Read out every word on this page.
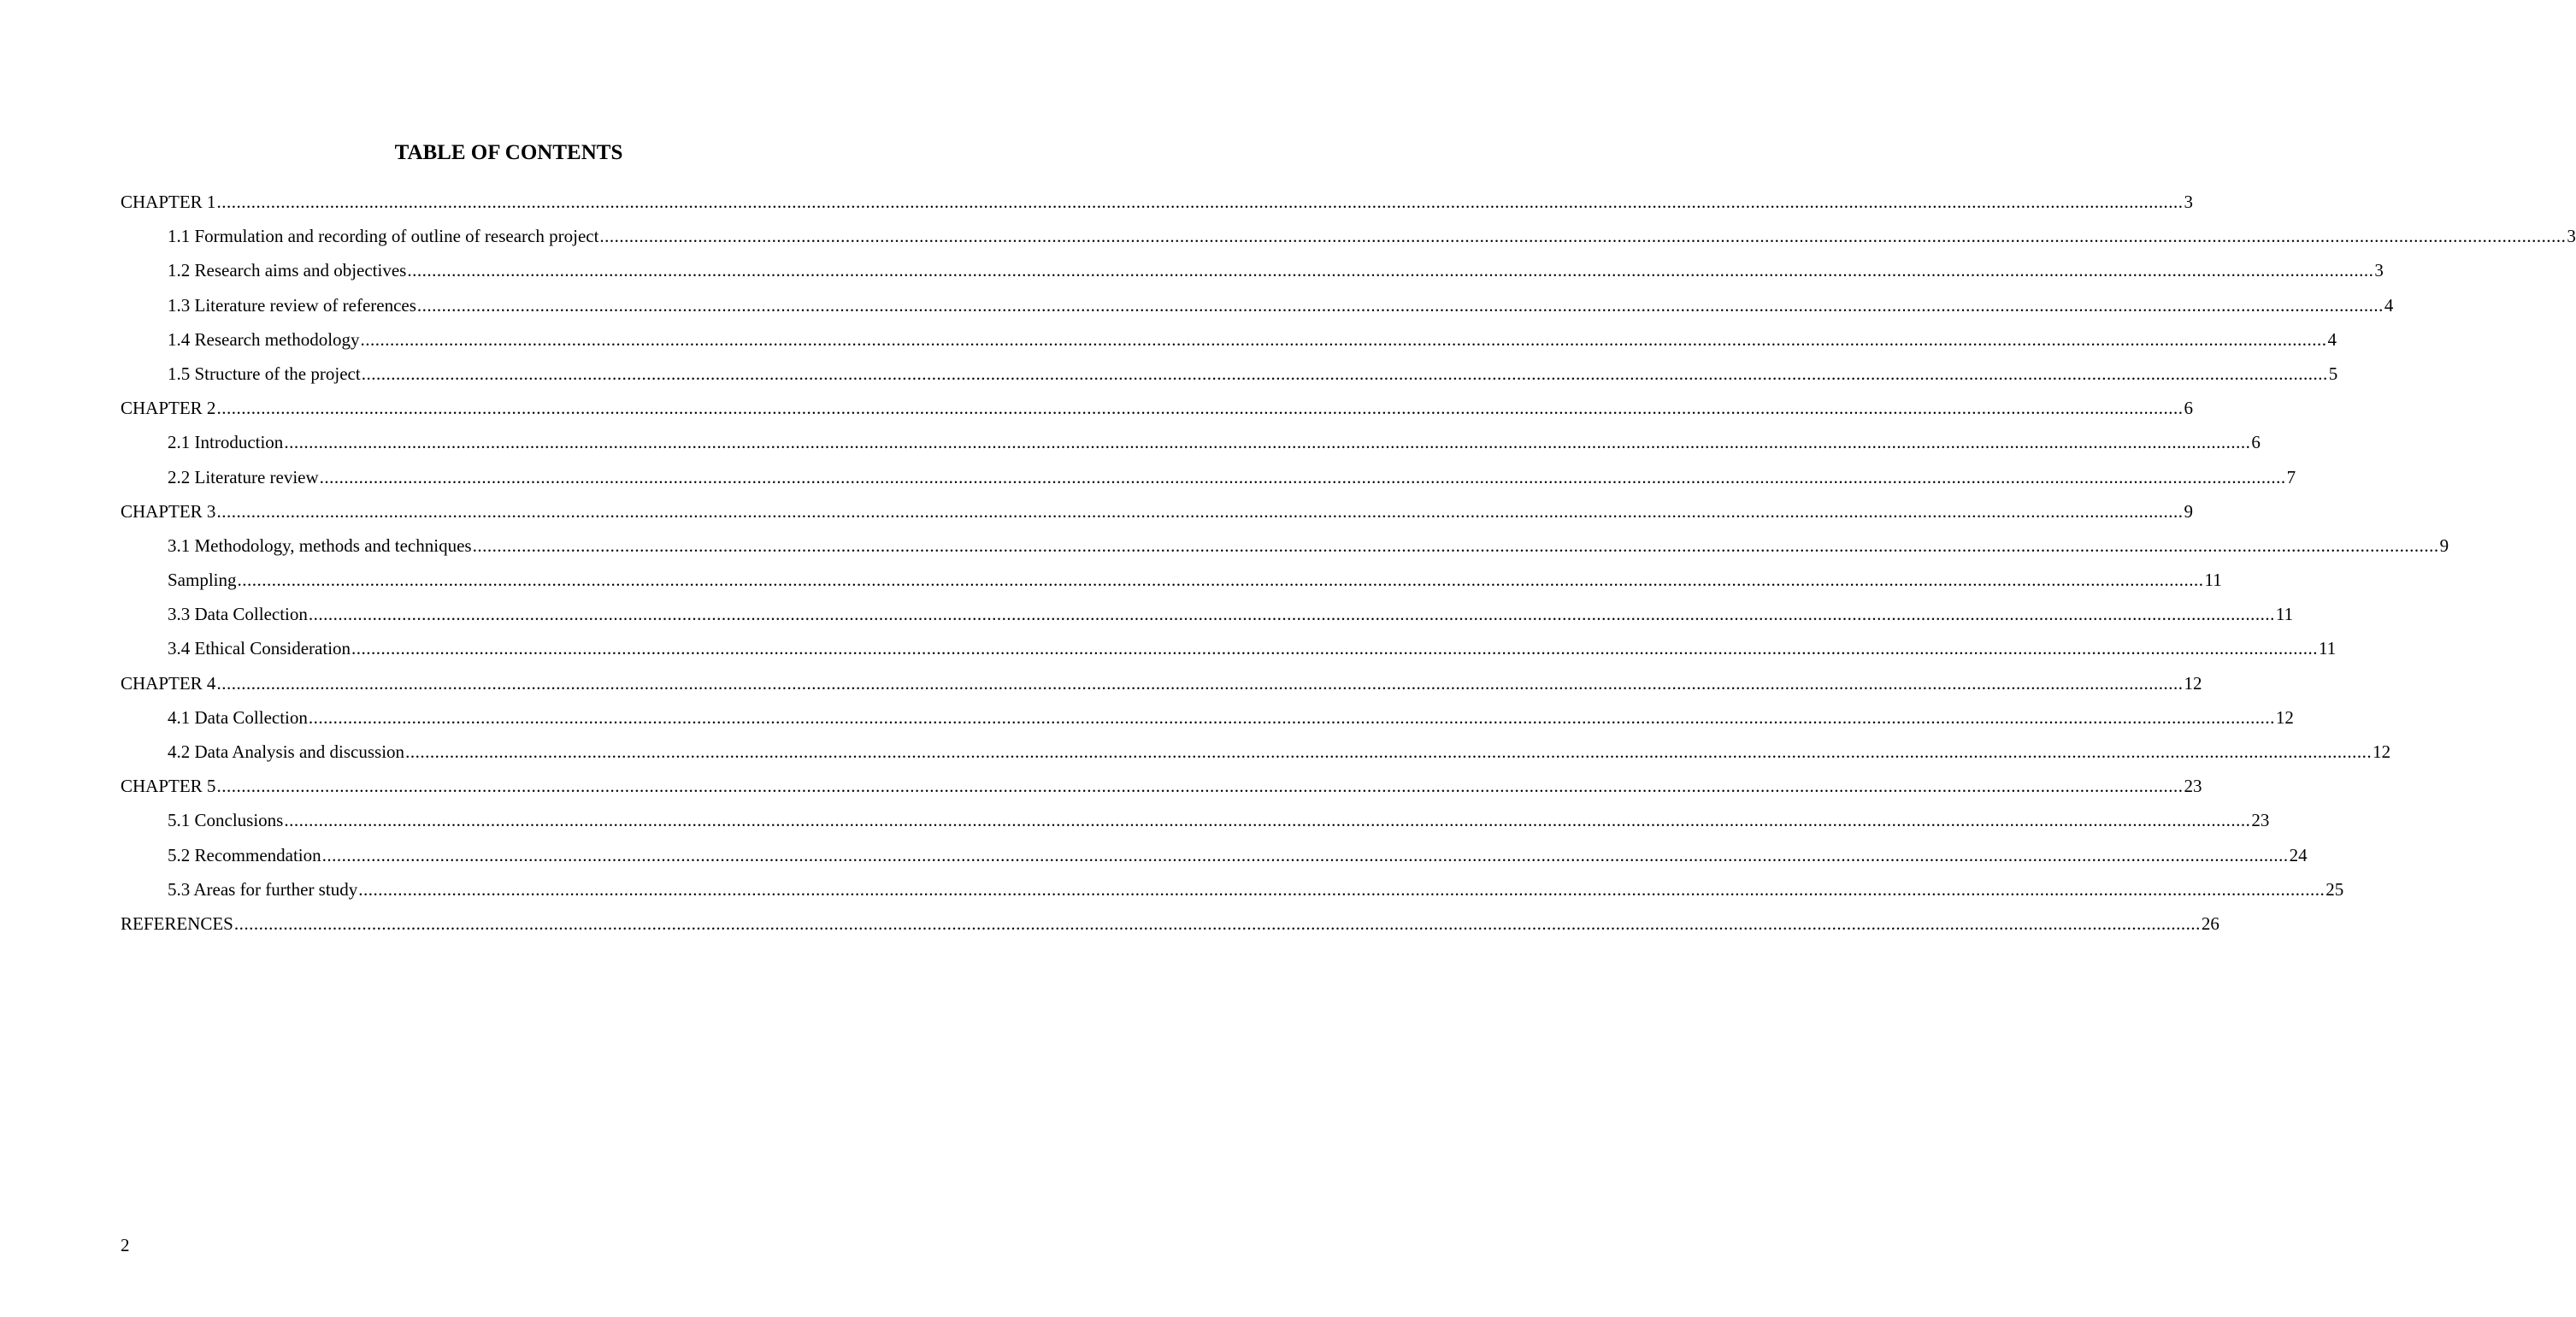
TABLE OF CONTENTS
CHAPTER 1 ................................................................................................................................................................................................................................................................................................................................................................................................................ 3
1.1 Formulation and recording of outline of research project ................................................................................................................................................................................................................................................................................................................................................................................................................ 3
1.2 Research aims and objectives ................................................................................................................................................................................................................................................................................................................................................................................................................ 3
1.3 Literature review of references ................................................................................................................................................................................................................................................................................................................................................................................................................ 4
1.4 Research methodology ................................................................................................................................................................................................................................................................................................................................................................................................................ 4
1.5 Structure of the project ................................................................................................................................................................................................................................................................................................................................................................................................................ 5
CHAPTER 2 ................................................................................................................................................................................................................................................................................................................................................................................................................ 6
2.1 Introduction ................................................................................................................................................................................................................................................................................................................................................................................................................ 6
2.2 Literature review ................................................................................................................................................................................................................................................................................................................................................................................................................ 7
CHAPTER 3 ................................................................................................................................................................................................................................................................................................................................................................................................................ 9
3.1 Methodology, methods and techniques ................................................................................................................................................................................................................................................................................................................................................................................................................ 9
Sampling ................................................................................................................................................................................................................................................................................................................................................................................................................ 11
3.3 Data Collection ................................................................................................................................................................................................................................................................................................................................................................................................................ 11
3.4 Ethical Consideration ................................................................................................................................................................................................................................................................................................................................................................................................................ 11
CHAPTER 4 ................................................................................................................................................................................................................................................................................................................................................................................................................ 12
4.1 Data Collection ................................................................................................................................................................................................................................................................................................................................................................................................................ 12
4.2 Data Analysis and discussion ................................................................................................................................................................................................................................................................................................................................................................................................................ 12
CHAPTER 5 ................................................................................................................................................................................................................................................................................................................................................................................................................ 23
5.1 Conclusions ................................................................................................................................................................................................................................................................................................................................................................................................................ 23
5.2 Recommendation ................................................................................................................................................................................................................................................................................................................................................................................................................ 24
5.3 Areas for further study ................................................................................................................................................................................................................................................................................................................................................................................................................ 25
REFERENCES ................................................................................................................................................................................................................................................................................................................................................................................................................ 26
2
